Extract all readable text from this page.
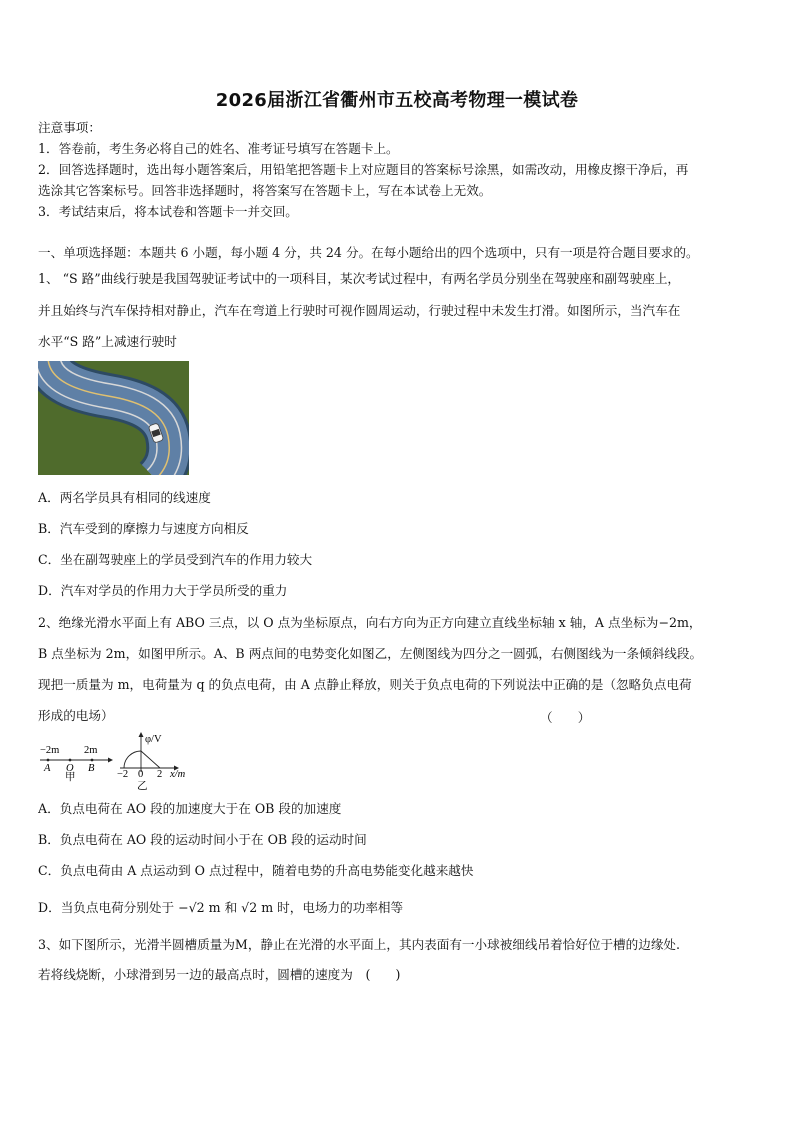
2026届浙江省衢州市五校高考物理一模试卷
注意事项：
1．答卷前，考生务必将自己的姓名、准考证号填写在答题卡上。
2．回答选择题时，选出每小题答案后，用铅笔把答题卡上对应题目的答案标号涂黑，如需改动，用橡皮擦干净后，再
选涂其它答案标号。回答非选择题时，将答案写在答题卡上，写在本试卷上无效。
3．考试结束后，将本试卷和答题卡一并交回。
一、单项选择题：本题共 6 小题，每小题 4 分，共 24 分。在每小题给出的四个选项中，只有一项是符合题目要求的。
1、 “S 路”曲线行驶是我国驾驶证考试中的一项科目，某次考试过程中，有两名学员分别坐在驾驶座和副驾驶座上，
并且始终与汽车保持相对静止，汽车在弯道上行驶时可视作圆周运动，行驶过程中未发生打滑。如图所示，当汽车在
水平“S 路”上减速行驶时
A．两名学员具有相同的线速度
B．汽车受到的摩擦力与速度方向相反
C．坐在副驾驶座上的学员受到汽车的作用力较大
D．汽车对学员的作用力大于学员所受的重力
2、绝缘光滑水平面上有 ABO 三点，以 O 点为坐标原点，向右方向为正方向建立直线坐标轴 x 轴，A 点坐标为−2m，
B 点坐标为 2m，如图甲所示。A、B 两点间的电势变化如图乙，左侧图线为四分之一圆弧，右侧图线为一条倾斜线段。
现把一质量为 m，电荷量为 q 的负点电荷，由 A 点静止释放，则关于负点电荷的下列说法中正确的是（忽略负点电荷
形成的电场）	（　　）
−2m 2m
A O B
甲
φ/V
−2 0 2 x/m
乙
A．负点电荷在 AO 段的加速度大于在 OB 段的加速度
B．负点电荷在 AO 段的运动时间小于在 OB 段的运动时间
C．负点电荷由 A 点运动到 O 点过程中，随着电势的升高电势能变化越来越快
D．当负点电荷分别处于 −√2 m 和 √2 m 时，电场力的功率相等
3、如下图所示，光滑半圆槽质量为M，静止在光滑的水平面上，其内表面有一小球被细线吊着恰好位于槽的边缘处.
若将线烧断，小球滑到另一边的最高点时，圆槽的速度为　(　　)
